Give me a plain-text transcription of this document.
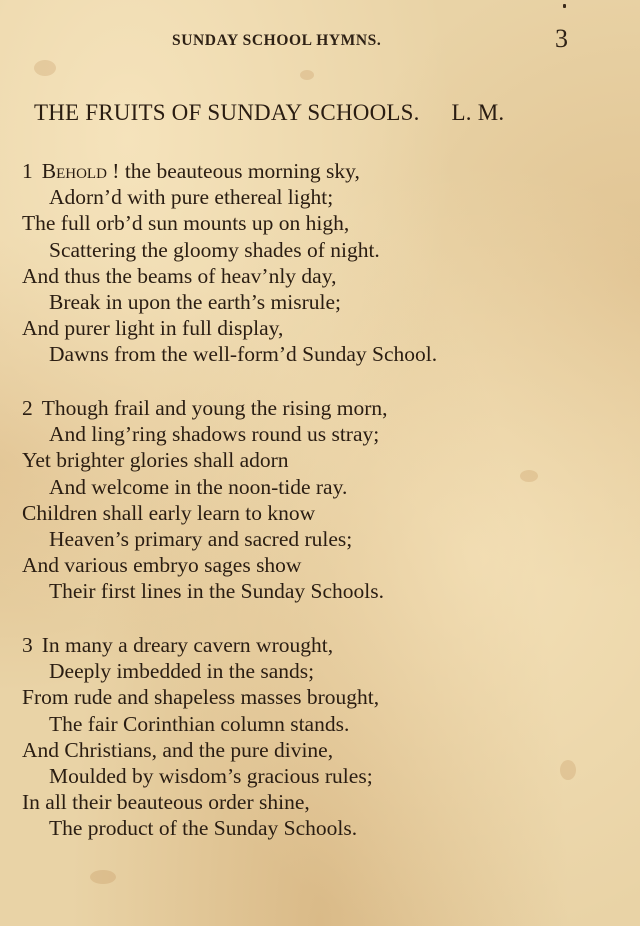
SUNDAY SCHOOL HYMNS.	3
THE FRUITS OF SUNDAY SCHOOLS. L. M.
1 Behold ! the beauteous morning sky,
Adorn’d with pure ethereal light;
The full orb’d sun mounts up on high,
Scattering the gloomy shades of night.
And thus the beams of heav’nly day,
Break in upon the earth’s misrule;
And purer light in full display,
Dawns from the well-form’d Sunday School.
2 Though frail and young the rising morn,
And ling’ring shadows round us stray;
Yet brighter glories shall adorn
And welcome in the noon-tide ray.
Children shall early learn to know
Heaven’s primary and sacred rules;
And various embryo sages show
Their first lines in the Sunday Schools.
3 In many a dreary cavern wrought,
Deeply imbedded in the sands;
From rude and shapeless masses brought,
The fair Corinthian column stands.
And Christians, and the pure divine,
Moulded by wisdom’s gracious rules;
In all their beauteous order shine,
The product of the Sunday Schools.
